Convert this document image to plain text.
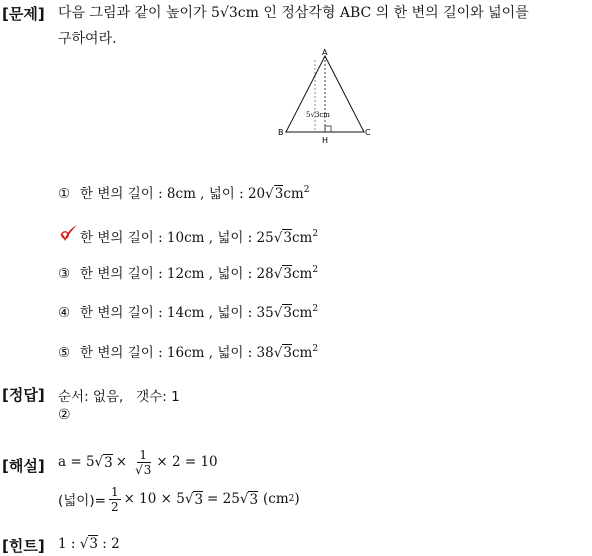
[문제] 다음 그림과 같이 높이가 5√3cm 인 정삼각형 ABC 의 한 변의 길이와 넓이를
구하여라.
A
B	C
H
5√3cm
① 한 변의 길이 : 8cm , 넓이 : $20√3cm^2$
한 변의 길이 : 10cm , 넓이 : $25√3cm^2$
③ 한 변의 길이 : 12cm , 넓이 : $28√3cm^2$
④ 한 변의 길이 : 14cm , 넓이 : $35√3cm^2$
⑤ 한 변의 길이 : 16cm , 넓이 : $38√3cm^2$
[정답] 순서: 없음,   갯수: 1
②
[해설] a = 5 √ $3 \times \frac{1}{√3} \times 2 = 10$
(넓이)= $\frac{1}{2} \times 10 \times 5$ √ 3 = 25 √ 3 (cm 2 )
[힌트] 1 : √3 : 2
